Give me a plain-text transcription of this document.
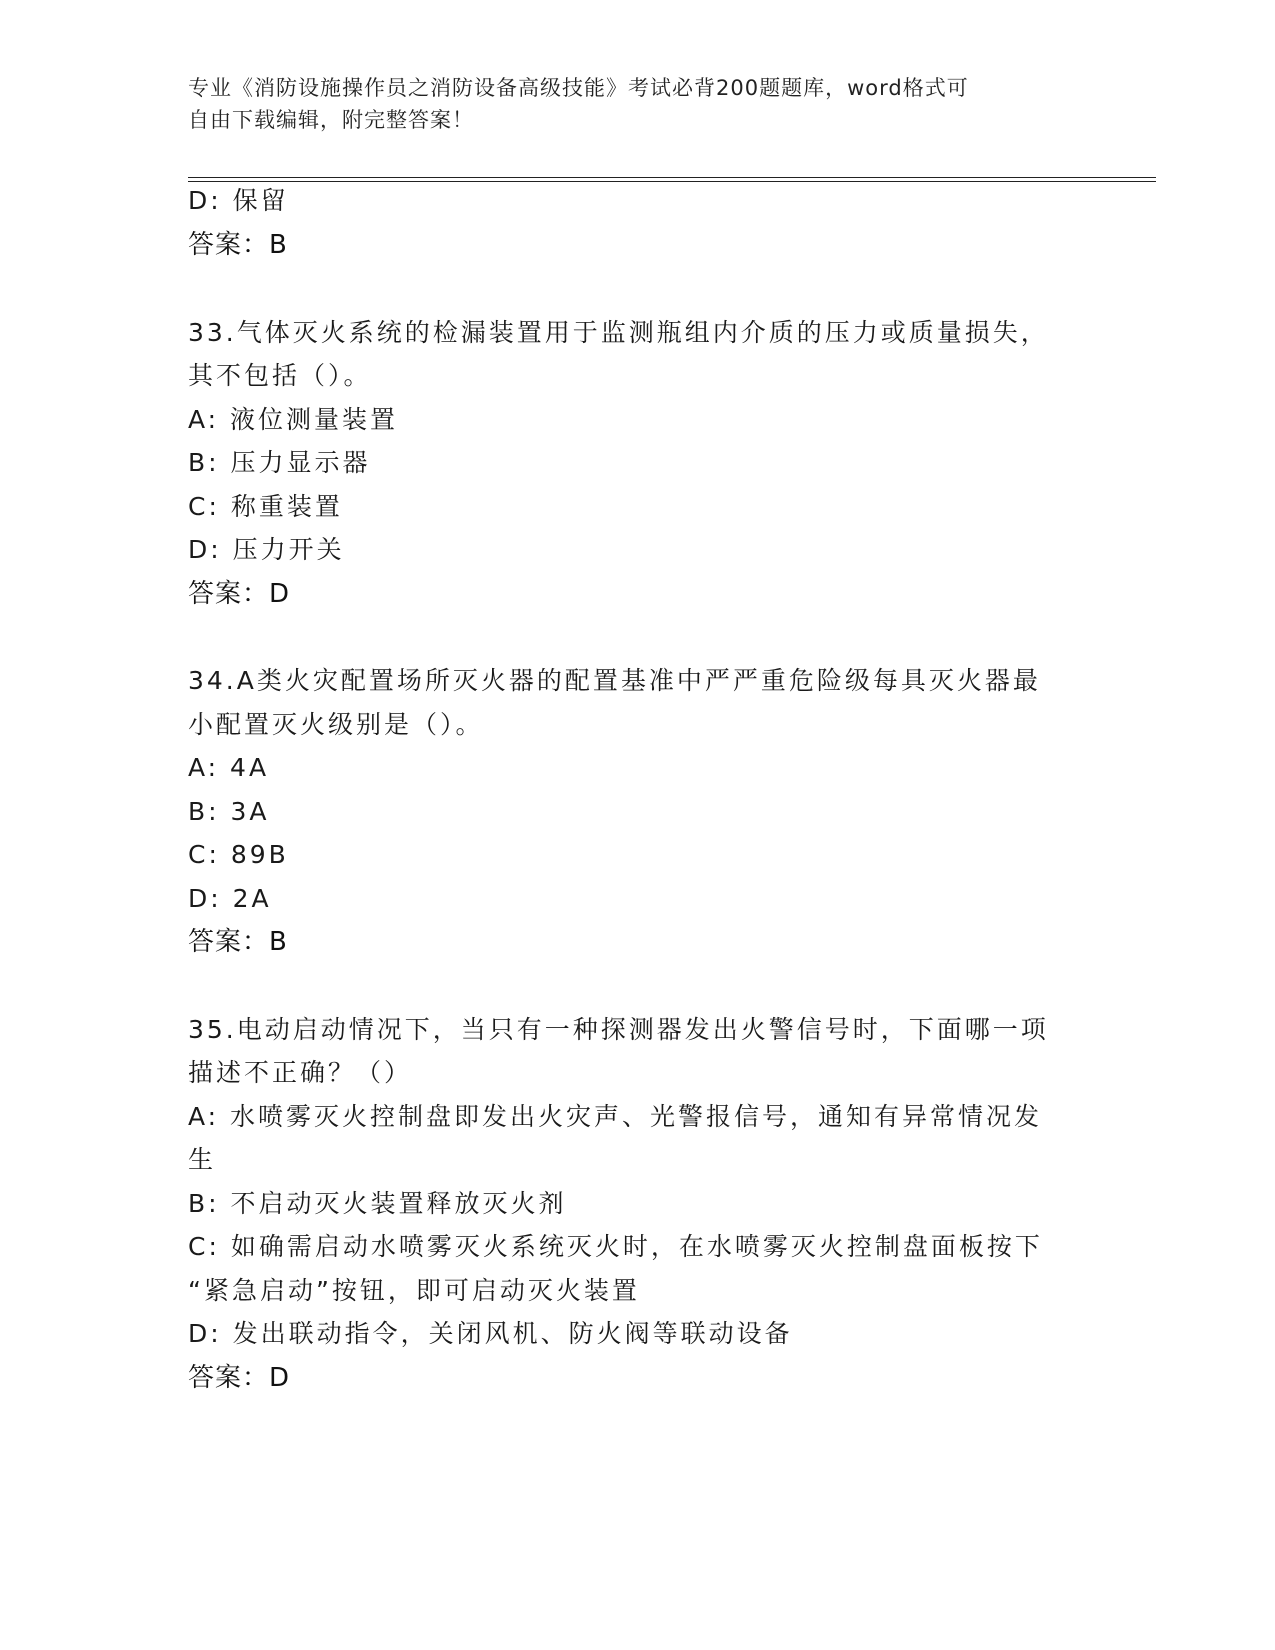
专业《消防设施操作员之消防设备高级技能》考试必背200题题库，word格式可
自由下载编辑，附完整答案！
D: 保留
答案：B
33.气体灭火系统的检漏装置用于监测瓶组内介质的压力或质量损失，
其不包括（）。
A: 液位测量装置
B: 压力显示器
C: 称重装置
D: 压力开关
答案：D
34.A类火灾配置场所灭火器的配置基准中严严重危险级每具灭火器最
小配置灭火级别是（）。
A: 4A
B: 3A
C: 89B
D: 2A
答案：B
35.电动启动情况下，当只有一种探测器发出火警信号时，下面哪一项
描述不正确？（）
A: 水喷雾灭火控制盘即发出火灾声、光警报信号，通知有异常情况发
生
B: 不启动灭火装置释放灭火剂
C: 如确需启动水喷雾灭火系统灭火时，在水喷雾灭火控制盘面板按下
“紧急启动”按钮，即可启动灭火装置
D: 发出联动指令，关闭风机、防火阀等联动设备
答案：D
